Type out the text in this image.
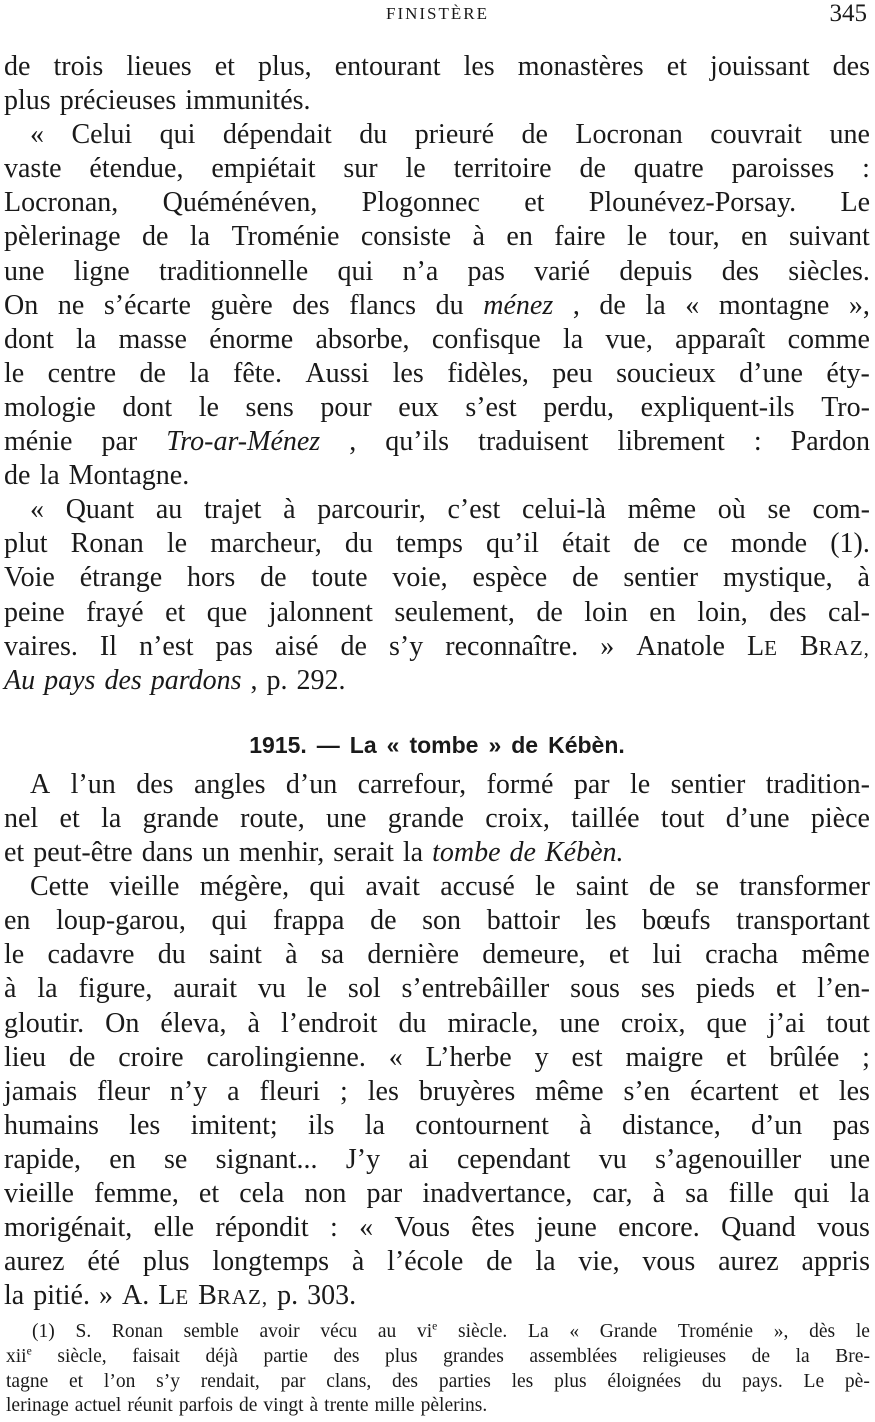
FINISTÈRE	345
de trois lieues et plus, entourant les monastères et jouissant des
plus précieuses immunités.
« Celui qui dépendait du prieuré de Locronan couvrait une
vaste étendue, empiétait sur le territoire de quatre paroisses :
Locronan, Quéménéven, Plogonnec et Plounévez-Porsay. Le
pèlerinage de la Troménie consiste à en faire le tour, en suivant
une ligne traditionnelle qui n’a pas varié depuis des siècles.
On ne s’écarte guère des flancs du ménez , de la « montagne »,
dont la masse énorme absorbe, confisque la vue, apparaît comme
le centre de la fête. Aussi les fidèles, peu soucieux d’une éty-
mologie dont le sens pour eux s’est perdu, expliquent-ils Tro-
ménie par Tro-ar-Ménez , qu’ils traduisent librement : Pardon
de la Montagne.
« Quant au trajet à parcourir, c’est celui-là même où se com-
plut Ronan le marcheur, du temps qu’il était de ce monde (1).
Voie étrange hors de toute voie, espèce de sentier mystique, à
peine frayé et que jalonnent seulement, de loin en loin, des cal-
vaires. Il n’est pas aisé de s’y reconnaître. » Anatole LE BRAZ,
Au pays des pardons , p. 292.
1915. — La « tombe » de Kébèn.
A l’un des angles d’un carrefour, formé par le sentier tradition-
nel et la grande route, une grande croix, taillée tout d’une pièce
et peut-être dans un menhir, serait la tombe de Kébèn.
Cette vieille mégère, qui avait accusé le saint de se transformer
en loup-garou, qui frappa de son battoir les bœufs transportant
le cadavre du saint à sa dernière demeure, et lui cracha même
à la figure, aurait vu le sol s’entrebâiller sous ses pieds et l’en-
gloutir. On éleva, à l’endroit du miracle, une croix, que j’ai tout
lieu de croire carolingienne. « L’herbe y est maigre et brûlée ;
jamais fleur n’y a fleuri ; les bruyères même s’en écartent et les
humains les imitent; ils la contournent à distance, d’un pas
rapide, en se signant... J’y ai cependant vu s’agenouiller une
vieille femme, et cela non par inadvertance, car, à sa fille qui la
morigénait, elle répondit : « Vous êtes jeune encore. Quand vous
aurez été plus longtemps à l’école de la vie, vous aurez appris
la pitié. » A. LE BRAZ, p. 303.
(1) S. Ronan semble avoir vécu au $vi^e$ siècle. La « Grande Troménie », dès le
xii$^e$ siècle, faisait déjà partie des plus grandes assemblées religieuses de la Bre-
tagne et l’on s’y rendait, par clans, des parties les plus éloignées du pays. Le pè-
lerinage actuel réunit parfois de vingt à trente mille pèlerins.
